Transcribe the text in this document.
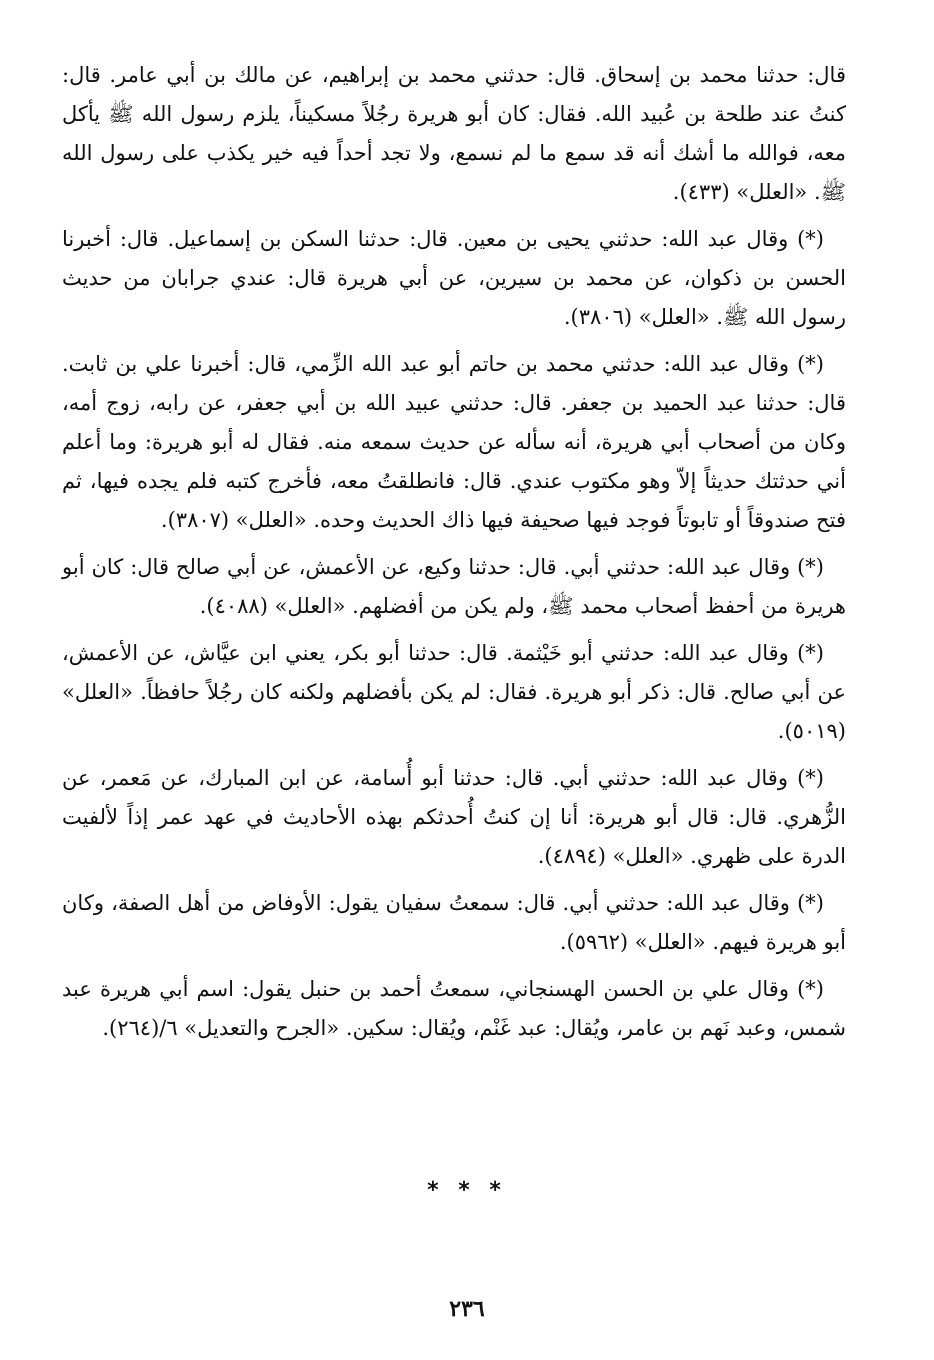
قال: حدثنا محمد بن إسحاق. قال: حدثني محمد بن إبراهيم، عن مالك بن أبي عامر. قال: كنتُ عند طلحة بن عُبيد الله. فقال: كان أبو هريرة رجُلاً مسكيناً، يلزم رسول الله ﷺ يأكل معه، فوالله ما أشك أنه قد سمع ما لم نسمع، ولا تجد أحداً فيه خير يكذب على رسول الله ﷺ. «العلل» (٤٣٣).

(*) وقال عبد الله: حدثني يحيى بن معين. قال: حدثنا السكن بن إسماعيل. قال: أخبرنا الحسن بن ذكوان، عن محمد بن سيرين، عن أبي هريرة قال: عندي جرابان من حديث رسول الله ﷺ. «العلل» (٣٨٠٦).

(*) وقال عبد الله: حدثني محمد بن حاتم أبو عبد الله الزِّمي، قال: أخبرنا علي بن ثابت. قال: حدثنا عبد الحميد بن جعفر. قال: حدثني عبيد الله بن أبي جعفر، عن رابه، زوج أمه، وكان من أصحاب أبي هريرة، أنه سأله عن حديث سمعه منه. فقال له أبو هريرة: وما أعلم أني حدثتك حديثاً إلاّ وهو مكتوب عندي. قال: فانطلقتُ معه، فأخرج كتبه فلم يجده فيها، ثم فتح صندوقاً أو تابوتاً فوجد فيها صحيفة فيها ذاك الحديث وحده. «العلل» (٣٨٠٧).

(*) وقال عبد الله: حدثني أبي. قال: حدثنا وكيع، عن الأعمش، عن أبي صالح قال: كان أبو هريرة من أحفظ أصحاب محمد ﷺ، ولم يكن من أفضلهم. «العلل» (٤٠٨٨).

(*) وقال عبد الله: حدثني أبو خَيْثمة. قال: حدثنا أبو بكر، يعني ابن عيَّاش، عن الأعمش، عن أبي صالح. قال: ذكر أبو هريرة. فقال: لم يكن بأفضلهم ولكنه كان رجُلاً حافظاً. «العلل» (٥٠١٩).

(*) وقال عبد الله: حدثني أبي. قال: حدثنا أبو أُسامة، عن ابن المبارك، عن مَعمر، عن الزُّهري. قال: قال أبو هريرة: أنا إن كنتُ أُحدثكم بهذه الأحاديث في عهد عمر إذاً لألفيت الدرة على ظهري. «العلل» (٤٨٩٤).

(*) وقال عبد الله: حدثني أبي. قال: سمعتُ سفيان يقول: الأوفاض من أهل الصفة، وكان أبو هريرة فيهم. «العلل» (٥٩٦٢).

(*) وقال علي بن الحسن الهسنجاني، سمعتُ أحمد بن حنبل يقول: اسم أبي هريرة عبد شمس، وعبد نَهم بن عامر، ويُقال: عبد غَنْم، ويُقال: سكين. «الجرح والتعديل» ٦/(٢٦٤).

* * *
٢٣٦
